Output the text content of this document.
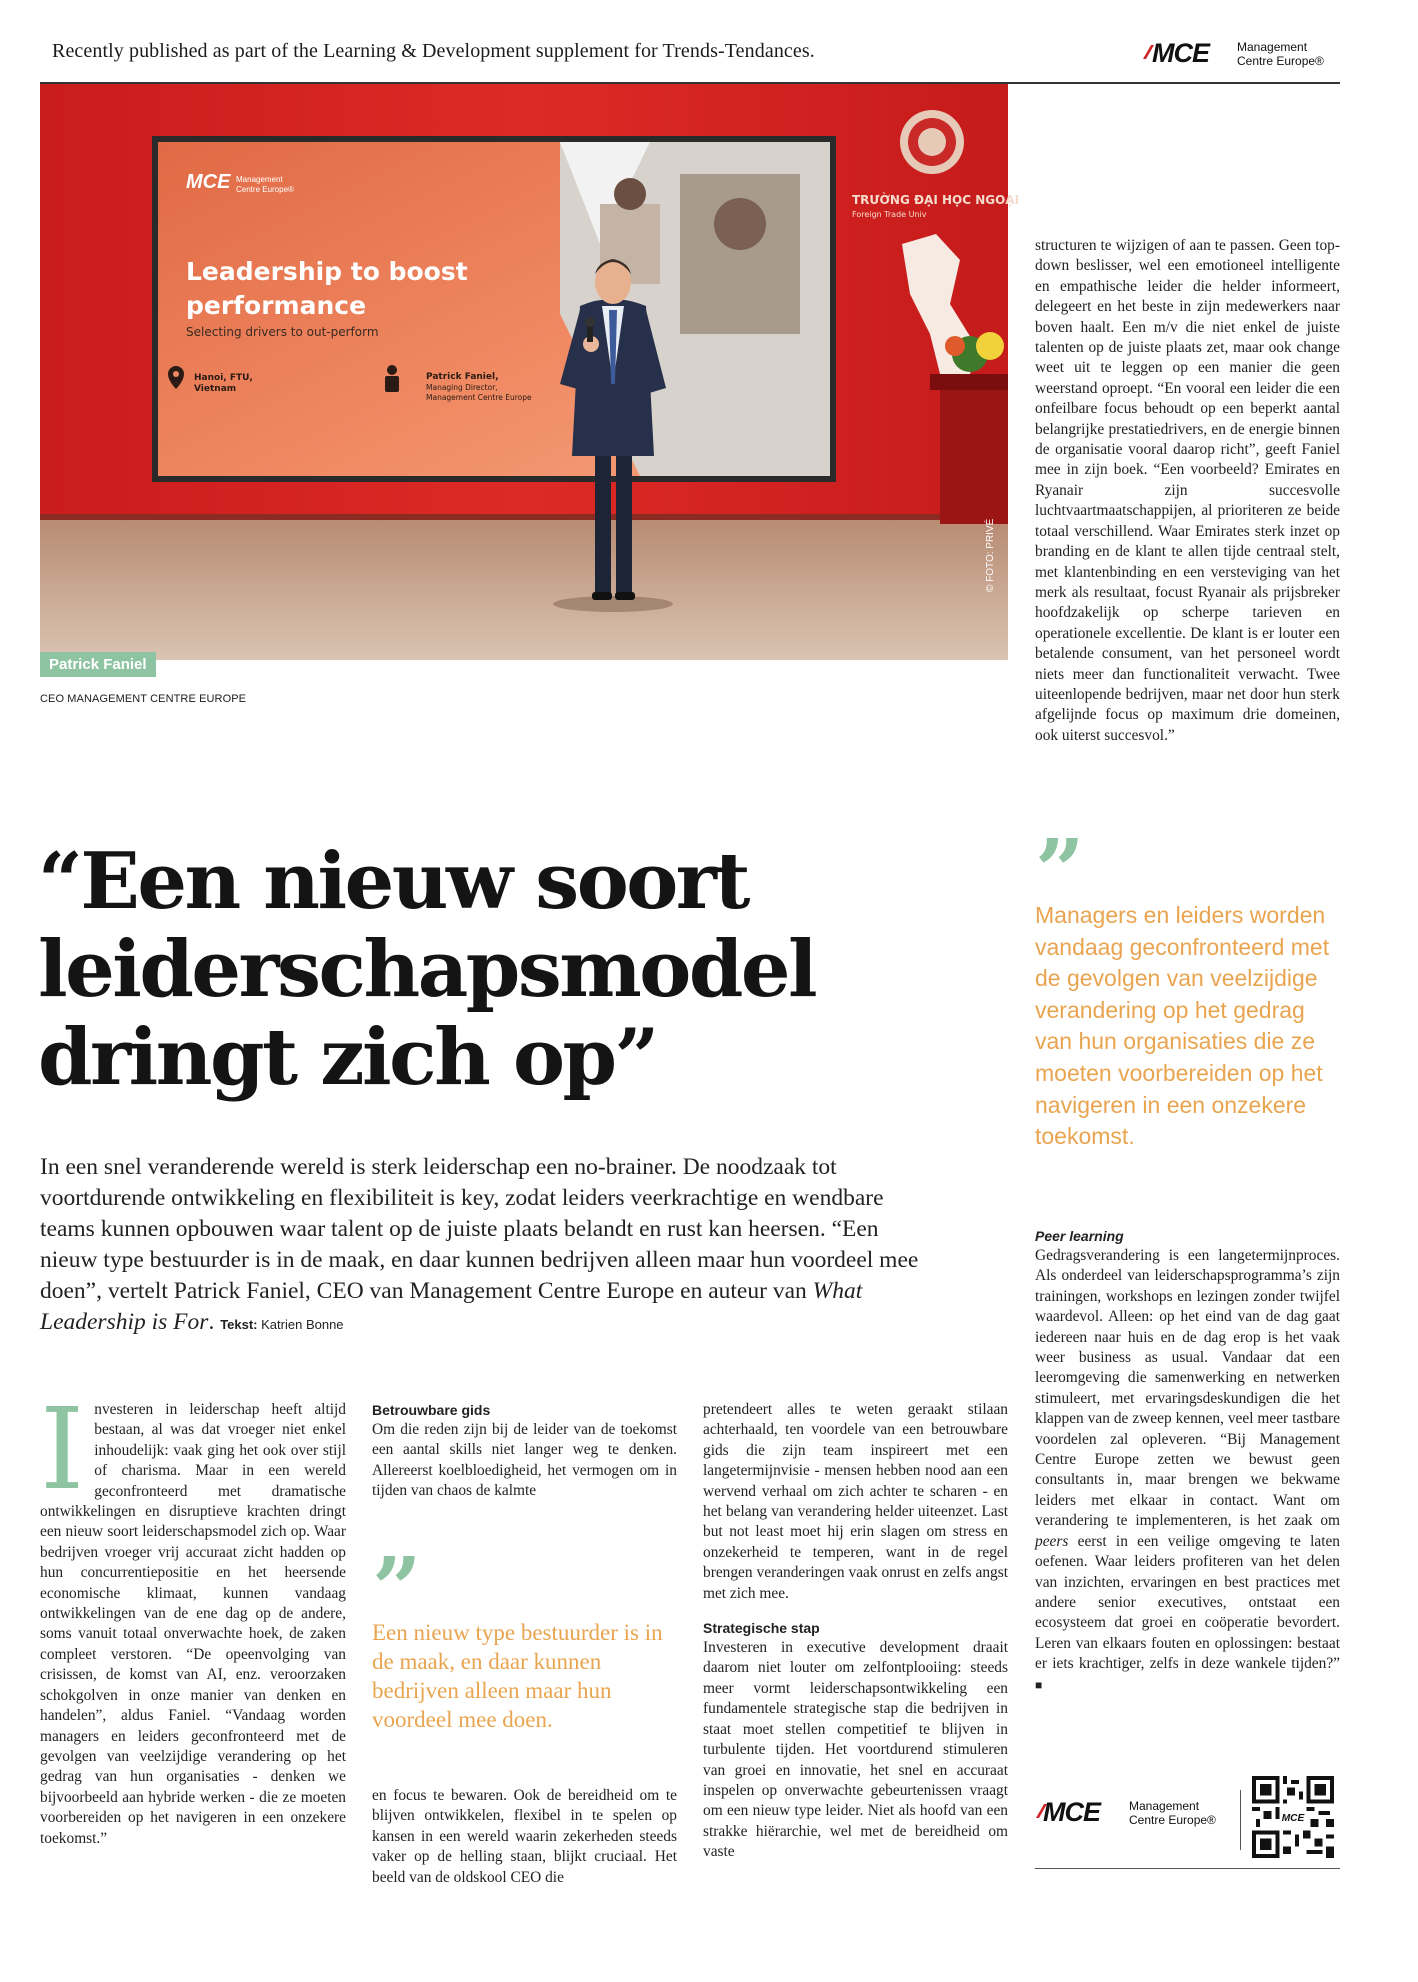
Recently published as part of the Learning & Development supplement for Trends-Tendances.	MCE Management
Centre Europe®
MCE Management
Centre Europe®
Leadership to boost
performance
Selecting drivers to out-perform
Hanoi, FTU,
Vietnam
Patrick Faniel,
Managing Director,
Management Centre Europe
TRƯỜNG ĐẠI HỌC NGOẠI
Foreign Trade Univ
© FOTO: PRIVÉ
Patrick Faniel
CEO MANAGEMENT CENTRE EUROPE
“Een nieuw soort
leiderschapsmodel
dringt zich op”
In een snel veranderende wereld is sterk leiderschap een no-brainer. De noodzaak tot voortdurende ontwikkeling en flexibiliteit is key, zodat leiders veerkrachtige en wendbare teams kunnen opbouwen waar talent op de juiste plaats belandt en rust kan heersen. “Een nieuw type bestuurder is in de maak, en daar kunnen bedrijven alleen maar hun voordeel mee doen”, vertelt Patrick Faniel, CEO van Management Centre Europe en auteur van What Leadership is For. Tekst: Katrien Bonne
Investeren in leiderschap heeft altijd bestaan, al was dat vroeger niet enkel inhoudelijk: vaak ging het ook over stijl of charisma. Maar in een wereld geconfronteerd met dramatische ontwikkelingen en disruptieve krachten dringt een nieuw soort leiderschapsmodel zich op. Waar bedrijven vroeger vrij accuraat zicht hadden op hun concurrentiepositie en het heersende economische klimaat, kunnen vandaag ontwikkelingen van de ene dag op de andere, soms vanuit totaal onverwachte hoek, de zaken compleet verstoren. “De opeenvolging van crisissen, de komst van AI, enz. veroorzaken schokgolven in onze manier van denken en handelen”, aldus Faniel. “Vandaag worden managers en leiders geconfronteerd met de gevolgen van veelzijdige verandering op het gedrag van hun organisaties - denken we bijvoorbeeld aan hybride werken - die ze moeten voorbereiden op het navigeren in een onzekere toekomst.”

Betrouwbare gids

Om die reden zijn bij de leider van de toekomst een aantal skills niet langer weg te denken. Allereerst koelbloedigheid, het vermogen om in tijden van chaos de kalmte

”
Een nieuw type bestuurder is in de maak, en daar kunnen bedrijven alleen maar hun voordeel mee doen.

en focus te bewaren. Ook de bereidheid om te blijven ontwikkelen, flexibel in te spelen op kansen in een wereld waarin zekerheden steeds vaker op de helling staan, blijkt cruciaal. Het beeld van de oldskool CEO die

pretendeert alles te weten geraakt stilaan achterhaald, ten voordele van een betrouwbare gids die zijn team inspireert met een langetermijnvisie - mensen hebben nood aan een wervend verhaal om zich achter te scharen - en het belang van verandering helder uiteenzet. Last but not least moet hij erin slagen om stress en onzekerheid te temperen, want in de regel brengen veranderingen vaak onrust en zelfs angst met zich mee.

Strategische stap

Investeren in executive development draait daarom niet louter om zelfontplooiing: steeds meer vormt leiderschapsontwikkeling een fundamentele strategische stap die bedrijven in staat moet stellen competitief te blijven in turbulente tijden. Het voortdurend stimuleren van groei en innovatie, het snel en accuraat inspelen op onverwachte gebeurtenissen vraagt om een nieuw type leider. Niet als hoofd van een strakke hiërarchie, wel met de bereidheid om vaste

structuren te wijzigen of aan te passen. Geen top-down beslisser, wel een emotioneel intelligente en empathische leider die helder informeert, delegeert en het beste in zijn medewerkers naar boven haalt. Een m/v die niet enkel de juiste talenten op de juiste plaats zet, maar ook change weet uit te leggen op een manier die geen weerstand oproept. “En vooral een leider die een onfeilbare focus behoudt op een beperkt aantal belangrijke prestatiedrivers, en de energie binnen de organisatie vooral daarop richt”, geeft Faniel mee in zijn boek. “Een voorbeeld? Emirates en Ryanair zijn succesvolle luchtvaartmaatschappijen, al prioriteren ze beide totaal verschillend. Waar Emirates sterk inzet op branding en de klant te allen tijde centraal stelt, met klantenbinding en een versteviging van het merk als resultaat, focust Ryanair als prijsbreker hoofdzakelijk op scherpe tarieven en operationele excellentie. De klant is er louter een betalende consument, van het personeel wordt niets meer dan functionaliteit verwacht. Twee uiteenlopende bedrijven, maar net door hun sterk afgelijnde focus op maximum drie domeinen, ook uiterst succesvol.”

”
Managers en leiders worden vandaag geconfronteerd met de gevolgen van veelzijdige verandering op het gedrag van hun organisaties die ze moeten voorbereiden op het navigeren in een onzekere toekomst.

Peer learning

Gedragsverandering is een langetermijnproces. Als onderdeel van leiderschapsprogramma’s zijn trainingen, workshops en lezingen zonder twijfel waardevol. Alleen: op het eind van de dag gaat iedereen naar huis en de dag erop is het vaak weer business as usual. Vandaar dat een leeromgeving die samenwerking en netwerken stimuleert, met ervaringsdeskundigen die het klappen van de zweep kennen, veel meer tastbare voordelen zal opleveren. “Bij Management Centre Europe zetten we bewust geen consultants in, maar brengen we bekwame leiders met elkaar in contact. Want om verandering te implementeren, is het zaak om peers eerst in een veilige omgeving te laten oefenen. Waar leiders profiteren van het delen van inzichten, ervaringen en best practices met andere senior executives, ontstaat een ecosysteem dat groei en coöperatie bevordert. Leren van elkaars fouten en oplossingen: bestaat er iets krachtiger, zelfs in deze wankele tijden?” ■

MCE Management
Centre Europe®	MCE
